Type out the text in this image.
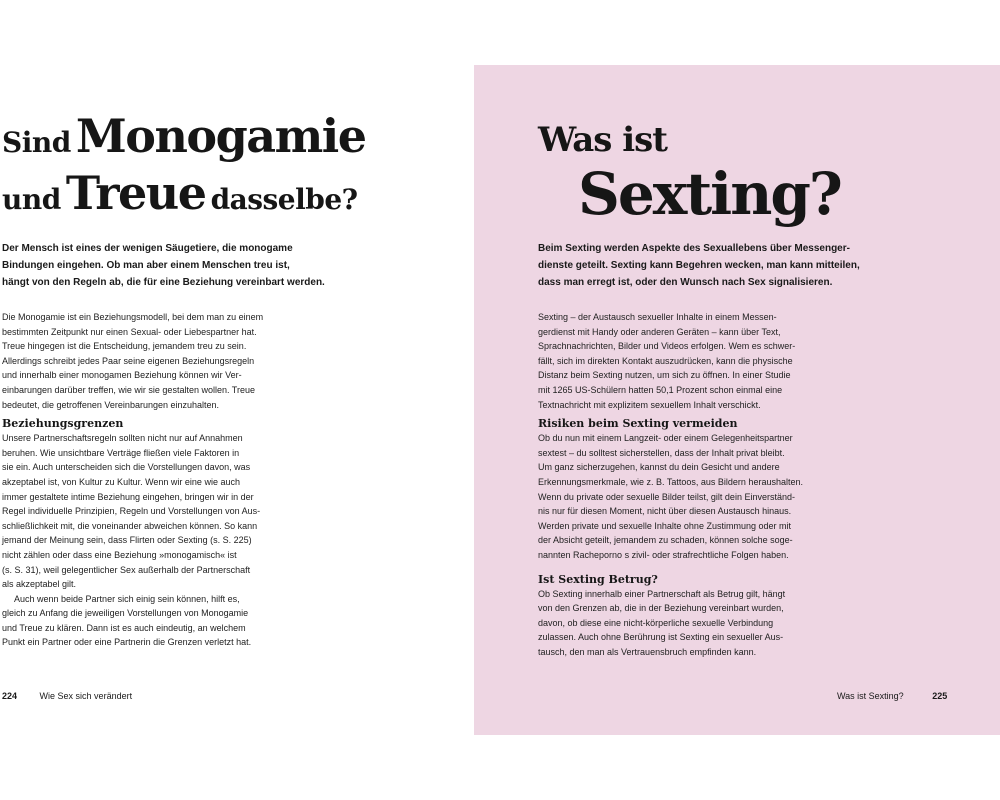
Sind Monogamie
und Treue dasselbe?
Der Mensch ist eines der wenigen Säugetiere, die monogame
Bindungen eingehen. Ob man aber einem Menschen treu ist,
hängt von den Regeln ab, die für eine Beziehung vereinbart werden.
Die Monogamie ist ein Beziehungsmodell, bei dem man zu einem
bestimmten Zeitpunkt nur einen Sexual- oder Liebespartner hat.
Treue hingegen ist die Entscheidung, jemandem treu zu sein.
Allerdings schreibt jedes Paar seine eigenen Beziehungsregeln
und innerhalb einer monogamen Beziehung können wir Ver-
einbarungen darüber treffen, wie wir sie gestalten wollen. Treue
bedeutet, die getroffenen Vereinbarungen einzuhalten.
Beziehungsgrenzen
Unsere Partnerschaftsregeln sollten nicht nur auf Annahmen
beruhen. Wie unsichtbare Verträge fließen viele Faktoren in
sie ein. Auch unterscheiden sich die Vorstellungen davon, was
akzeptabel ist, von Kultur zu Kultur. Wenn wir eine wie auch
immer gestaltete intime Beziehung eingehen, bringen wir in der
Regel individuelle Prinzipien, Regeln und Vorstellungen von Aus-
schließlichkeit mit, die voneinander abweichen können. So kann
jemand der Meinung sein, dass Flirten oder Sexting (s. S. 225)
nicht zählen oder dass eine Beziehung »monogamisch« ist
(s. S. 31), weil gelegentlicher Sex außerhalb der Partnerschaft
als akzeptabel gilt.
Auch wenn beide Partner sich einig sein können, hilft es,
gleich zu Anfang die jeweiligen Vorstellungen von Monogamie
und Treue zu klären. Dann ist es auch eindeutig, an welchem
Punkt ein Partner oder eine Partnerin die Grenzen verletzt hat.
224	Wie Sex sich verändert
Was ist
Sexting?
Beim Sexting werden Aspekte des Sexuallebens über Messenger-
dienste geteilt. Sexting kann Begehren wecken, man kann mitteilen,
dass man erregt ist, oder den Wunsch nach Sex signalisieren.
Sexting – der Austausch sexueller Inhalte in einem Messen-
gerdienst mit Handy oder anderen Geräten – kann über Text,
Sprachnachrichten, Bilder und Videos erfolgen. Wem es schwer-
fällt, sich im direkten Kontakt auszudrücken, kann die physische
Distanz beim Sexting nutzen, um sich zu öffnen. In einer Studie
mit 1265 US-Schülern hatten 50,1 Prozent schon einmal eine
Textnachricht mit explizitem sexuellem Inhalt verschickt.
Risiken beim Sexting vermeiden
Ob du nun mit einem Langzeit- oder einem Gelegenheitspartner
sextest – du solltest sicherstellen, dass der Inhalt privat bleibt.
Um ganz sicherzugehen, kannst du dein Gesicht und andere
Erkennungsmerkmale, wie z. B. Tattoos, aus Bildern heraushalten.
Wenn du private oder sexuelle Bilder teilst, gilt dein Einverständ-
nis nur für diesen Moment, nicht über diesen Austausch hinaus.
Werden private und sexuelle Inhalte ohne Zustimmung oder mit
der Absicht geteilt, jemandem zu schaden, können solche soge-
nannten Racheporno s zivil- oder strafrechtliche Folgen haben.
Ist Sexting Betrug?
Ob Sexting innerhalb einer Partnerschaft als Betrug gilt, hängt
von den Grenzen ab, die in der Beziehung vereinbart wurden,
davon, ob diese eine nicht-körperliche sexuelle Verbindung
zulassen. Auch ohne Berührung ist Sexting ein sexueller Aus-
tausch, den man als Vertrauensbruch empfinden kann.
Was ist Sexting?	225
